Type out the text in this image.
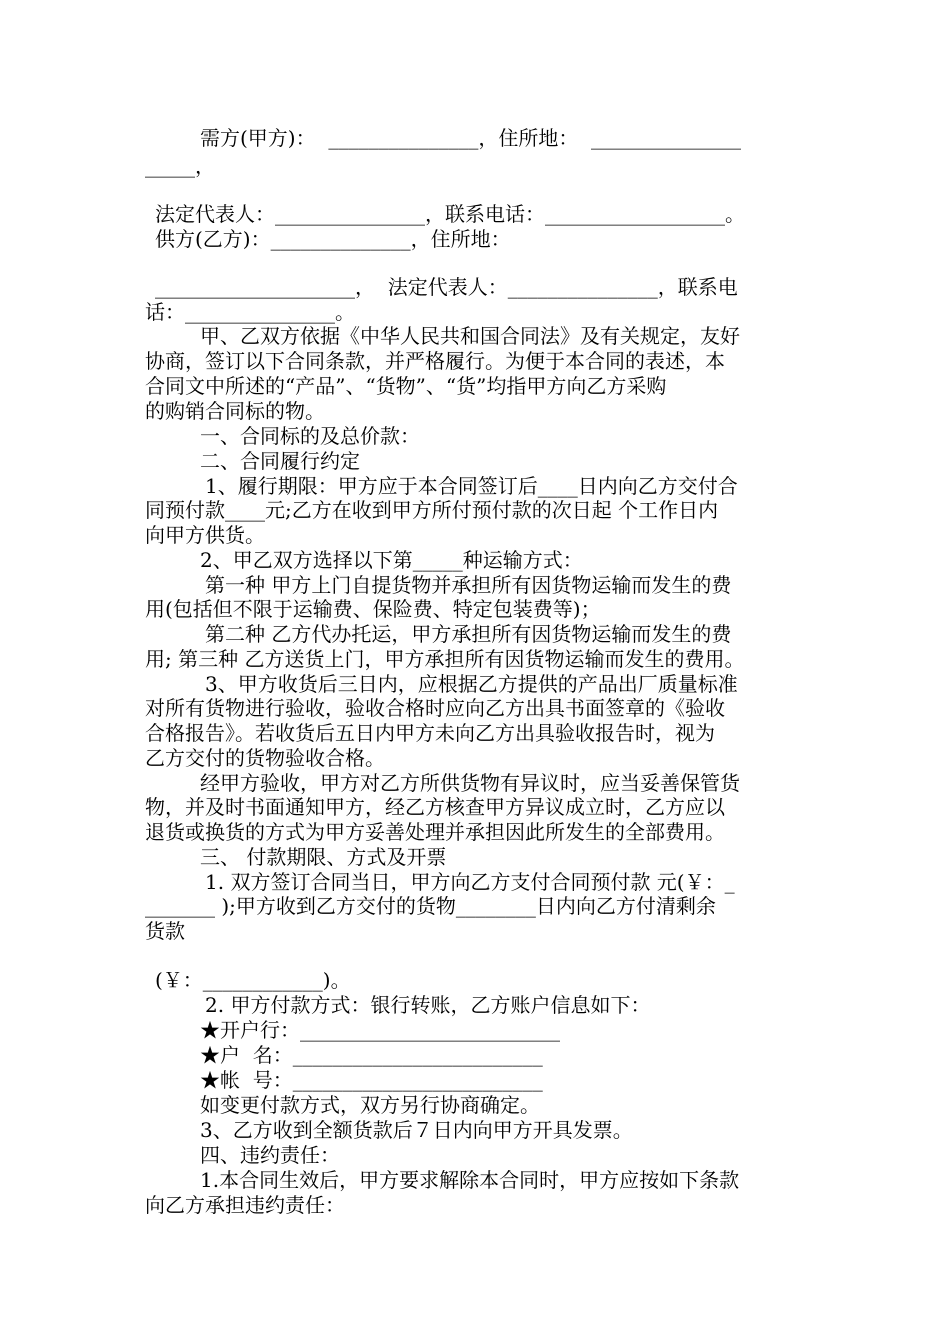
需方(甲方)：  _______________，住所地：  _______________
_____，
法定代表人：_______________，联系电话：__________________。
供方(乙方)：______________，住所地：
____________________，  法定代表人：_______________，联系电
话：_______________。
甲、乙双方依据《中华人民共和国合同法》及有关规定，友好
协商，签订以下合同条款，并严格履行。为便于本合同的表述，本
合同文中所述的“产品”、“货物”、“货”均指甲方向乙方采购
的购销合同标的物。
一、合同标的及总价款：
二、合同履行约定
1、履行期限：甲方应于本合同签订后____日内向乙方交付合
同预付款____元;乙方在收到甲方所付预付款的次日起 个工作日内
向甲方供货。
2、甲乙双方选择以下第_____种运输方式：
第一种 甲方上门自提货物并承担所有因货物运输而发生的费
用(包括但不限于运输费、保险费、特定包装费等)；
第二种 乙方代办托运，甲方承担所有因货物运输而发生的费
用; 第三种 乙方送货上门，甲方承担所有因货物运输而发生的费用。
3、甲方收货后三日内，应根据乙方提供的产品出厂质量标准
对所有货物进行验收，验收合格时应向乙方出具书面签章的《验收
合格报告》。若收货后五日内甲方未向乙方出具验收报告时，视为
乙方交付的货物验收合格。
经甲方验收，甲方对乙方所供货物有异议时，应当妥善保管货
物，并及时书面通知甲方，经乙方核查甲方异议成立时，乙方应以
退货或换货的方式为甲方妥善处理并承担因此所发生的全部费用。
三、 付款期限、方式及开票
1. 双方签订合同当日，甲方向乙方支付合同预付款 元(￥：_
_______ );甲方收到乙方交付的货物________日内向乙方付清剩余
货款
(￥：____________)。
2. 甲方付款方式：银行转账，乙方账户信息如下：
★开户行：__________________________
★户  名：_________________________
★帐  号：_________________________
如变更付款方式，双方另行协商确定。
3、乙方收到全额货款后７日内向甲方开具发票。
四、违约责任：
1.本合同生效后，甲方要求解除本合同时，甲方应按如下条款
向乙方承担违约责任：
